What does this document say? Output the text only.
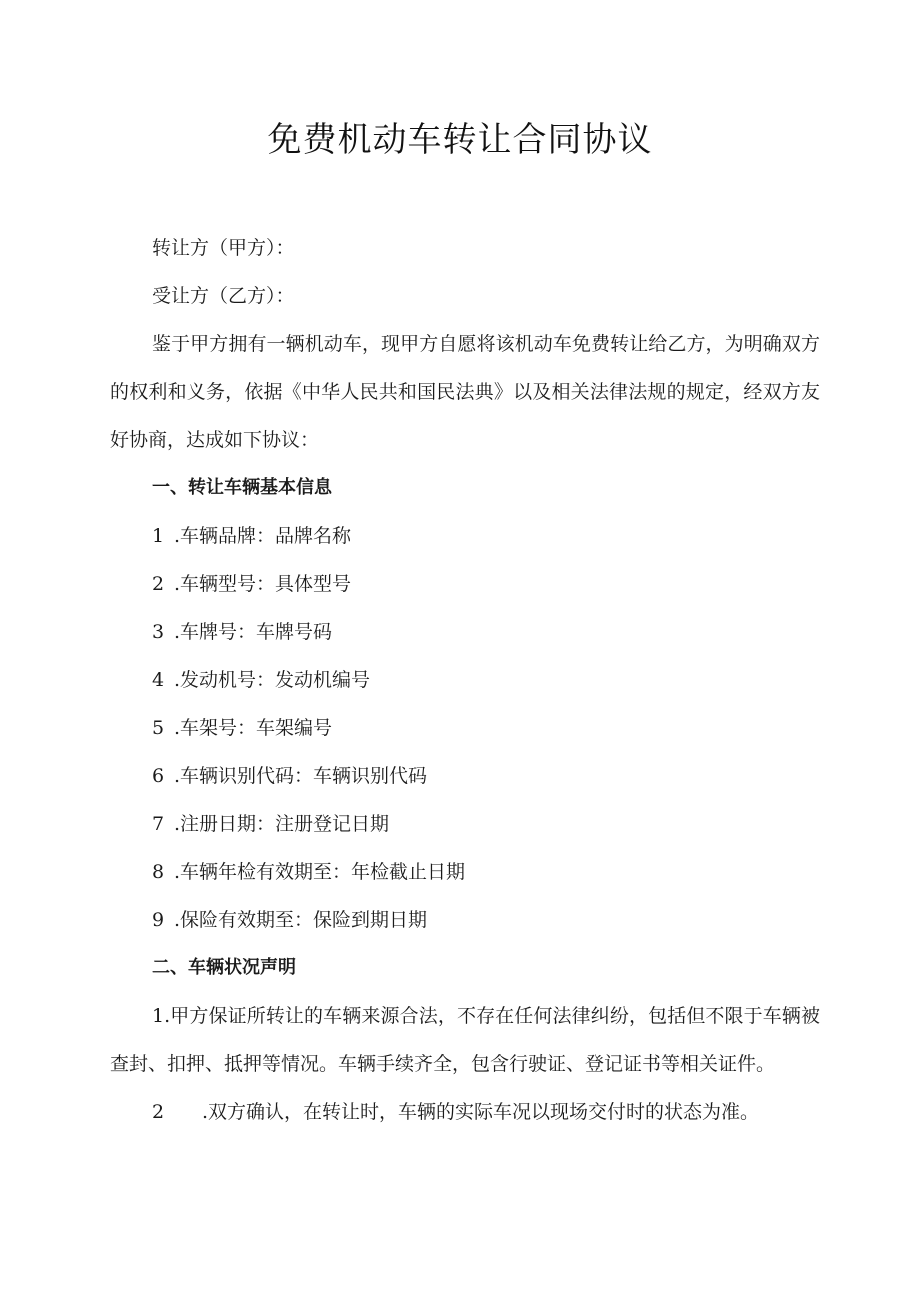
免费机动车转让合同协议

转让方（甲方）：

受让方（乙方）：

鉴于甲方拥有一辆机动车，现甲方自愿将该机动车免费转让给乙方，为明确双方的权利和义务，依据《中华人民共和国民法典》以及相关法律法规的规定，经双方友好协商，达成如下协议：

一、转让车辆基本信息

1 .车辆品牌：品牌名称

2 .车辆型号：具体型号

3 .车牌号：车牌号码

4 .发动机号：发动机编号

5 .车架号：车架编号

6 .车辆识别代码：车辆识别代码

7 .注册日期：注册登记日期

8 .车辆年检有效期至：年检截止日期

9 .保险有效期至：保险到期日期

二、车辆状况声明

1.甲方保证所转让的车辆来源合法，不存在任何法律纠纷，包括但不限于车辆被查封、扣押、抵押等情况。车辆手续齐全，包含行驶证、登记证书等相关证件。

2 .双方确认，在转让时，车辆的实际车况以现场交付时的状态为准。
